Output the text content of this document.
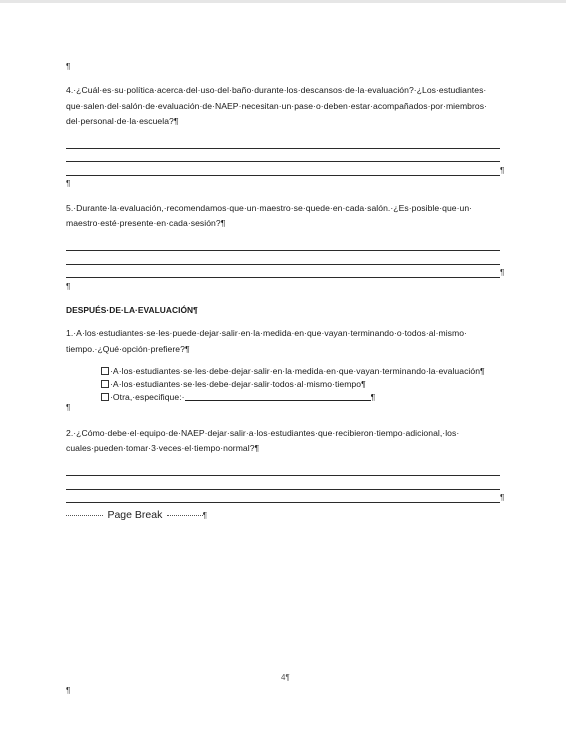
¶
4.·¿Cuál·es·su·política·acerca·del·uso·del·baño·durante·los·descansos·de·la·evaluación?·¿Los·estudiantes·
que·salen·del·salón·de·evaluación·de·NAEP·necesitan·un·pase·o·deben·estar·acompañados·por·miembros·
del·personal·de·la·escuela?¶
¶
¶
5.·Durante·la·evaluación,·recomendamos·que·un·maestro·se·quede·en·cada·salón.·¿Es·posible·que·un·
maestro·esté·presente·en·cada·sesión?¶
¶
¶
DESPUÉS·DE·LA·EVALUACIÓN¶
1.·A·los·estudiantes·se·les·puede·dejar·salir·en·la·medida·en·que·vayan·terminando·o·todos·al·mismo·
tiempo.·¿Qué·opción·prefiere?¶
·A·los·estudiantes·se·les·debe·dejar·salir·en·la·medida·en·que·vayan·terminando·la·evaluación¶
·A·los·estudiantes·se·les·debe·dejar·salir·todos·al·mismo·tiempo¶
·Otra,·especifique:·	¶
¶
2.·¿Cómo·debe·el·equipo·de·NAEP·dejar·salir·a·los·estudiantes·que·recibieron·tiempo·adicional,·los·
cuales·pueden·tomar·3·veces·el·tiempo·normal?¶
¶
Page Break	¶
4¶
¶
